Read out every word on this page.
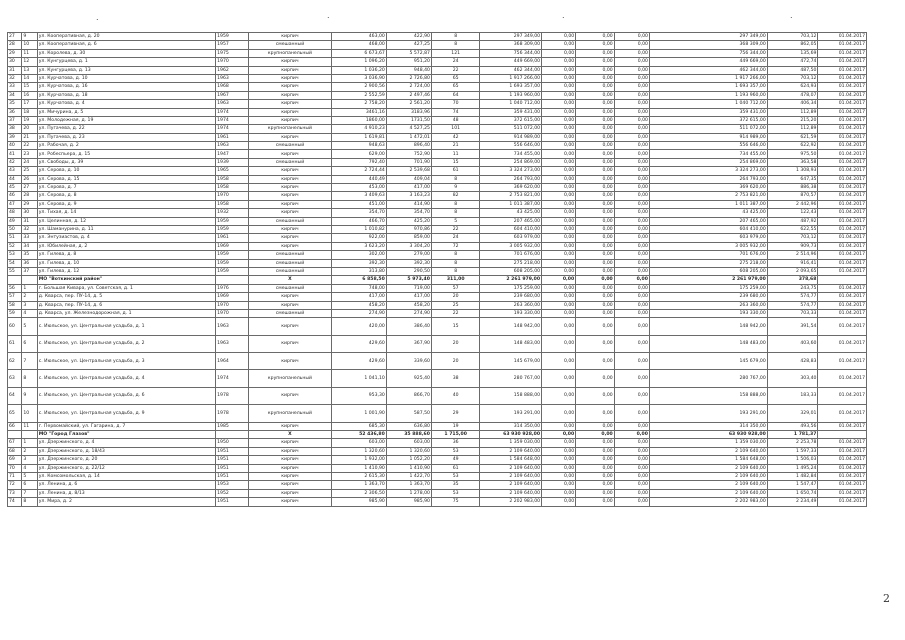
.	.	.	.
27	9	ул. Кооперативная, д. 20	1959	кирпич	463,00	422,90	8	297 349,00	0,00	0,00	0,00	297 349,00	703,12	01.04.2017
28	10	ул. Кооперативная, д. 6	1957	смешанный	468,00	427,25	8	368 309,00	0,00	0,00	0,00	368 309,00	862,05	01.04.2017
29	11	ул. Королева, д. 30	1975	крупнопанельный	6 673,67	5 572,87	121	756 344,00	0,00	0,00	0,00	756 344,00	135,69	01.04.2017
30	12	ул. Кунгурцева, д. 1	1970	кирпич	1 096,20	951,20	24	449 669,00	0,00	0,00	0,00	449 669,00	472,74	01.04.2017
31	13	ул. Кунгурцева, д. 13	1962	кирпич	1 036,20	948,40	22	462 344,00	0,00	0,00	0,00	462 344,00	487,50	01.04.2017
32	14	ул. Курчатова, д. 10	1963	кирпич	3 036,90	2 726,80	65	1 917 266,00	0,00	0,00	0,00	1 917 266,00	703,12	01.04.2017
33	15	ул. Курчатова, д. 16	1968	кирпич	2 900,56	2 724,00	65	1 693 357,00	0,00	0,00	0,00	1 693 357,00	624,93	01.04.2017
34	16	ул. Курчатова, д. 18	1967	кирпич	2 552,59	2 497,46	64	1 193 960,00	0,00	0,00	0,00	1 193 960,00	478,07	01.04.2017
35	17	ул. Курчатова, д. 4	1963	кирпич	2 758,20	2 561,20	70	1 040 712,00	0,00	0,00	0,00	1 040 712,00	406,34	01.04.2017
36	18	ул. Мичурина, д. 5	1974	кирпич	3461,16	3183,96	74	359 431,00	0,00	0,00	0,00	359 431,00	112,89	01.04.2017
37	19	ул. Молодежная, д. 19	1974	кирпич	1860,00	1731,50	48	372 615,00	0,00	0,00	0,00	372 615,00	215,20	01.04.2017
38	20	ул. Пугачева, д. 22	1974	крупнопанельный	4 910,23	4 527,25	101	511 072,00	0,00	0,00	0,00	511 072,00	112,89	01.04.2017
39	21	ул. Пугачева, д. 23	1961	кирпич	1 619,81	1 472,01	42	914 989,00	0,00	0,00	0,00	914 989,00	621,59	01.04.2017
40	22	ул. Рабочая, д. 2	1963	смешанный	948,63	896,40	21	556 646,00	0,00	0,00	0,00	556 646,00	622,92	01.04.2017
41	23	ул. Робеспьера, д. 15	1947	кирпич	629,00	752,90	11	734 455,00	0,00	0,00	0,00	734 455,00	975,50	01.04.2017
42	24	ул. Свободы, д. 39	1939	смешанный	792,40	701,90	15	254 869,00	0,00	0,00	0,00	254 869,00	363,58	01.04.2017
43	25	ул. Серова, д. 10	1965	кирпич	2 724,44	2 539,68	61	3 324 273,00	0,00	0,00	0,00	3 324 273,00	1 308,93	01.04.2017
44	26	ул. Серова, д. 15	1958	кирпич	440,49	409,04	8	264 793,00	0,00	0,00	0,00	264 793,00	647,35	01.04.2017
45	27	ул. Серова, д. 7	1958	кирпич	453,00	417,00	9	369 620,00	0,00	0,00	0,00	369 620,00	886,38	01.04.2017
46	28	ул. Серова, д. 8	1970	кирпич	3 409,63	3 163,23	82	2 753 821,00	0,00	0,00	0,00	2 753 821,00	870,57	01.04.2017
47	29	ул. Серова, д. 9	1958	кирпич	451,00	414,90	8	1 011 387,00	0,00	0,00	0,00	1 011 387,00	2 442,96	01.04.2017
48	30	ул. Тихая, д. 14	1932	кирпич	354,70	354,70	8	43 425,00	0,00	0,00	0,00	43 425,00	122,43	01.04.2017
49	31	ул. Целинная, д. 12	1959	смешанный	466,70	425,20	5	207 465,00	0,00	0,00	0,00	207 465,00	487,92	01.04.2017
50	32	ул. Шаманурина, д. 11	1959	кирпич	1 010,82	970,86	22	604 410,00	0,00	0,00	0,00	604 410,00	622,55	01.04.2017
51	33	ул. Энтузиастов, д. 4	1961	кирпич	922,00	859,00	24	603 979,00	0,00	0,00	0,00	603 979,00	703,12	01.04.2017
52	34	ул. Юбилейная, д. 2	1969	кирпич	3 623,20	3 304,20	72	3 005 932,00	0,00	0,00	0,00	3 005 932,00	909,73	01.04.2017
53	35	ул. Гилева, д. 8	1959	смешанный	302,00	279,00	8	701 676,00	0,00	0,00	0,00	701 676,00	2 514,96	01.04.2017
54	36	ул. Гилева, д. 10	1959	смешанный	392,30	392,30	8	275 218,00	0,00	0,00	0,00	275 218,00	916,41	01.04.2017
55	37	ул. Гилева, д. 12	1959	смешанный	313,80	290,50	8	608 205,00	0,00	0,00	0,00	608 205,00	2 093,65	01.04.2017
		МО "Воткинский район"		X	6 858,50	5 973,40	311,00	2 261 979,00	0,00	0,00	0,00	2 261 979,00	378,68	
56	1	г. Большая Кивара, ул. Советская, д. 1	1976	смешанный	748,00	719,00	57	175 259,00	0,00	0,00	0,00	175 259,00	243,75	01.04.2017
57	2	д. Кварса, пер. ПУ-14, д. 5	1969	кирпич	417,00	417,00	20	239 680,00	0,00	0,00	0,00	239 680,00	574,77	01.04.2017
58	3	д. Кварса, пер. ПУ-14, д. 6	1970	кирпич	458,20	458,20	25	263 360,00	0,00	0,00	0,00	263 360,00	574,77	01.04.2017
59	4	д. Кварса, ул. Железнодорожная, д. 1	1970	смешанный	274,90	274,90	22	193 330,00	0,00	0,00	0,00	193 330,00	703,33	01.04.2017
60	5	с. Июльское, ул. Центральная усадьба, д. 1	1963	кирпич	420,00	386,40	15	148 942,00	0,00	0,00	0,00	148 942,00	391,54	01.04.2017
61	6	с. Июльское, ул. Центральная усадьба, д. 2	1963	кирпич	429,60	367,90	20	148 483,00	0,00	0,00	0,00	148 483,00	403,60	01.04.2017
62	7	с. Июльское, ул. Центральная усадьба, д. 3	1964	кирпич	429,60	339,60	20	145 679,00	0,00	0,00	0,00	145 679,00	428,83	01.04.2017
63	8	с. Июльское, ул. Центральная усадьба, д. 4	1974	крупнопанельный	1 041,10	925,40	38	280 767,00	0,00	0,00	0,00	280 767,00	303,40	01.04.2017
64	9	с. Июльское, ул. Центральная усадьба, д. 6	1978	кирпич	953,30	866,70	40	158 888,00	0,00	0,00	0,00	158 888,00	183,33	01.04.2017
65	10	с. Июльское, ул. Центральная усадьба, д. 9	1978	крупнопанельный	1 001,90	587,50	29	193 291,00	0,00	0,00	0,00	193 291,00	329,01	01.04.2017
66	11	г. Первомайский, ул. Гагарина, д. 7	1985	кирпич	685,30	636,80	19	314 350,00	0,00	0,00	0,00	314 350,00	493,56	01.04.2017
		МО "Город Глазов"		X	52 436,80	35 888,60	1 715,00	63 930 928,00	0,00	0,00	0,00	63 930 928,00	1 781,37	
67	1	ул. Дзержинского, д. 4	1950	кирпич	603,00	603,00	36	1 359 030,00	0,00	0,00	0,00	1 359 030,00	2 253,78	01.04.2017
68	2	ул. Дзержинского, д. 18/43	1951	кирпич	1 320,60	1 320,60	53	2 109 640,00	0,00	0,00	0,00	2 109 640,00	1 597,33	01.04.2017
69	3	ул. Дзержинского, д. 20	1951	кирпич	1 932,00	1 052,20	49	1 584 648,00	0,00	0,00	0,00	1 584 648,00	1 506,03	01.04.2017
70	4	ул. Дзержинского, д. 22/12	1951	кирпич	1 410,90	1 410,90	61	2 109 640,00	0,00	0,00	0,00	2 109 640,00	1 495,24	01.04.2017
71	5	ул. Комсомольская, д. 14	1951	кирпич	2 615,30	1 422,70	53	2 109 640,00	0,00	0,00	0,00	2 109 640,00	1 482,84	01.04.2017
72	6	ул. Ленина, д. 6	1953	кирпич	1 363,70	1 363,70	35	2 109 640,00	0,00	0,00	0,00	2 109 640,00	1 547,47	01.04.2017
73	7	ул. Ленина, д. 8/13	1952	кирпич	2 306,50	1 278,00	53	2 109 640,00	0,00	0,00	0,00	2 109 640,00	1 650,74	01.04.2017
74	8	ул. Мира, д. 2	1951	кирпич	985,90	985,90	75	2 202 983,00	0,00	0,00	0,00	2 202 983,00	2 234,49	01.04.2017
2
